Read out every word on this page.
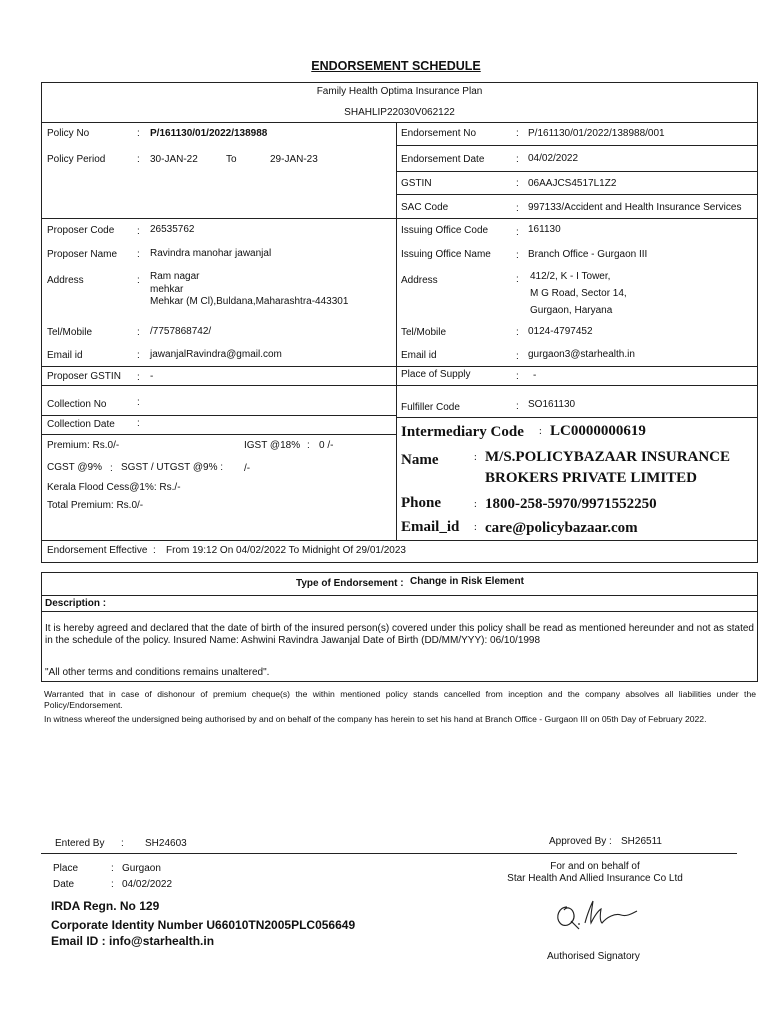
ENDORSEMENT SCHEDULE
Family Health Optima Insurance Plan
SHAHLIP22030V062122
Policy No	: P/161130/01/2022/138988
Policy Period	: 30-JAN-22	To	29-JAN-23
Endorsement No	: P/161130/01/2022/138988/001
Endorsement Date	: 04/02/2022
GSTIN	: 06AAJCS4517L1Z2
SAC Code	: 997133/Accident and Health Insurance Services
Proposer Code : 26535762
Proposer Name : Ravindra manohar jawanjal
Address	: Ram nagar
mehkar
Mehkar (M Cl),Buldana,Maharashtra-443301
Tel/Mobile	: /7757868742/
Email id	: jawanjalRavindra@gmail.com
Proposer GSTIN : -
Issuing Office Code	: 161130
Issuing Office Name	: Branch Office - Gurgaon III
Address	: 412/2, K - I Tower,
M G Road, Sector 14,
Gurgaon, Haryana
Tel/Mobile	: 0124-4797452
Email id	: gurgaon3@starhealth.in
Place of Supply	: -
Collection No	:
Collection Date :
Fulfiller Code	: SO161130
Premium: Rs.0/-	IGST @18% : 0 /-
CGST @9% : SGST / UTGST @9% : /-
Kerala Flood Cess@1%: Rs./-
Total Premium: Rs.0/-
Intermediary Code : LC0000000619
Name	: M/S.POLICYBAZAAR INSURANCE
BROKERS PRIVATE LIMITED
Phone	: 1800-258-5970/9971552250
Email_id : care@policybazaar.com
Endorsement Effective : From 19:12 On 04/02/2022 To Midnight Of 29/01/2023
Type of Endorsement : Change in Risk Element
Description :
It is hereby agreed and declared that the date of birth of the insured person(s) covered under this policy shall be read as mentioned hereunder and not as stated in the schedule of the policy. Insured Name: Ashwini Ravindra Jawanjal Date of Birth (DD/MM/YYY): 06/10/1998
"All other terms and conditions remains unaltered".
Warranted that in case of dishonour of premium cheque(s) the within mentioned policy stands cancelled from inception and the company absolves all liabilities under the Policy/Endorsement.
In witness whereof the undersigned being authorised by and on behalf of the company has herein to set his hand at Branch Office - Gurgaon III on 05th Day of February 2022.
Entered By : SH24603	Approved By : SH26511
Place	: Gurgaon
Date	: 04/02/2022
For and on behalf of
Star Health And Allied Insurance Co Ltd
IRDA Regn. No 129
Corporate Identity Number U66010TN2005PLC056649
Email ID : info@starhealth.in
Authorised Signatory
